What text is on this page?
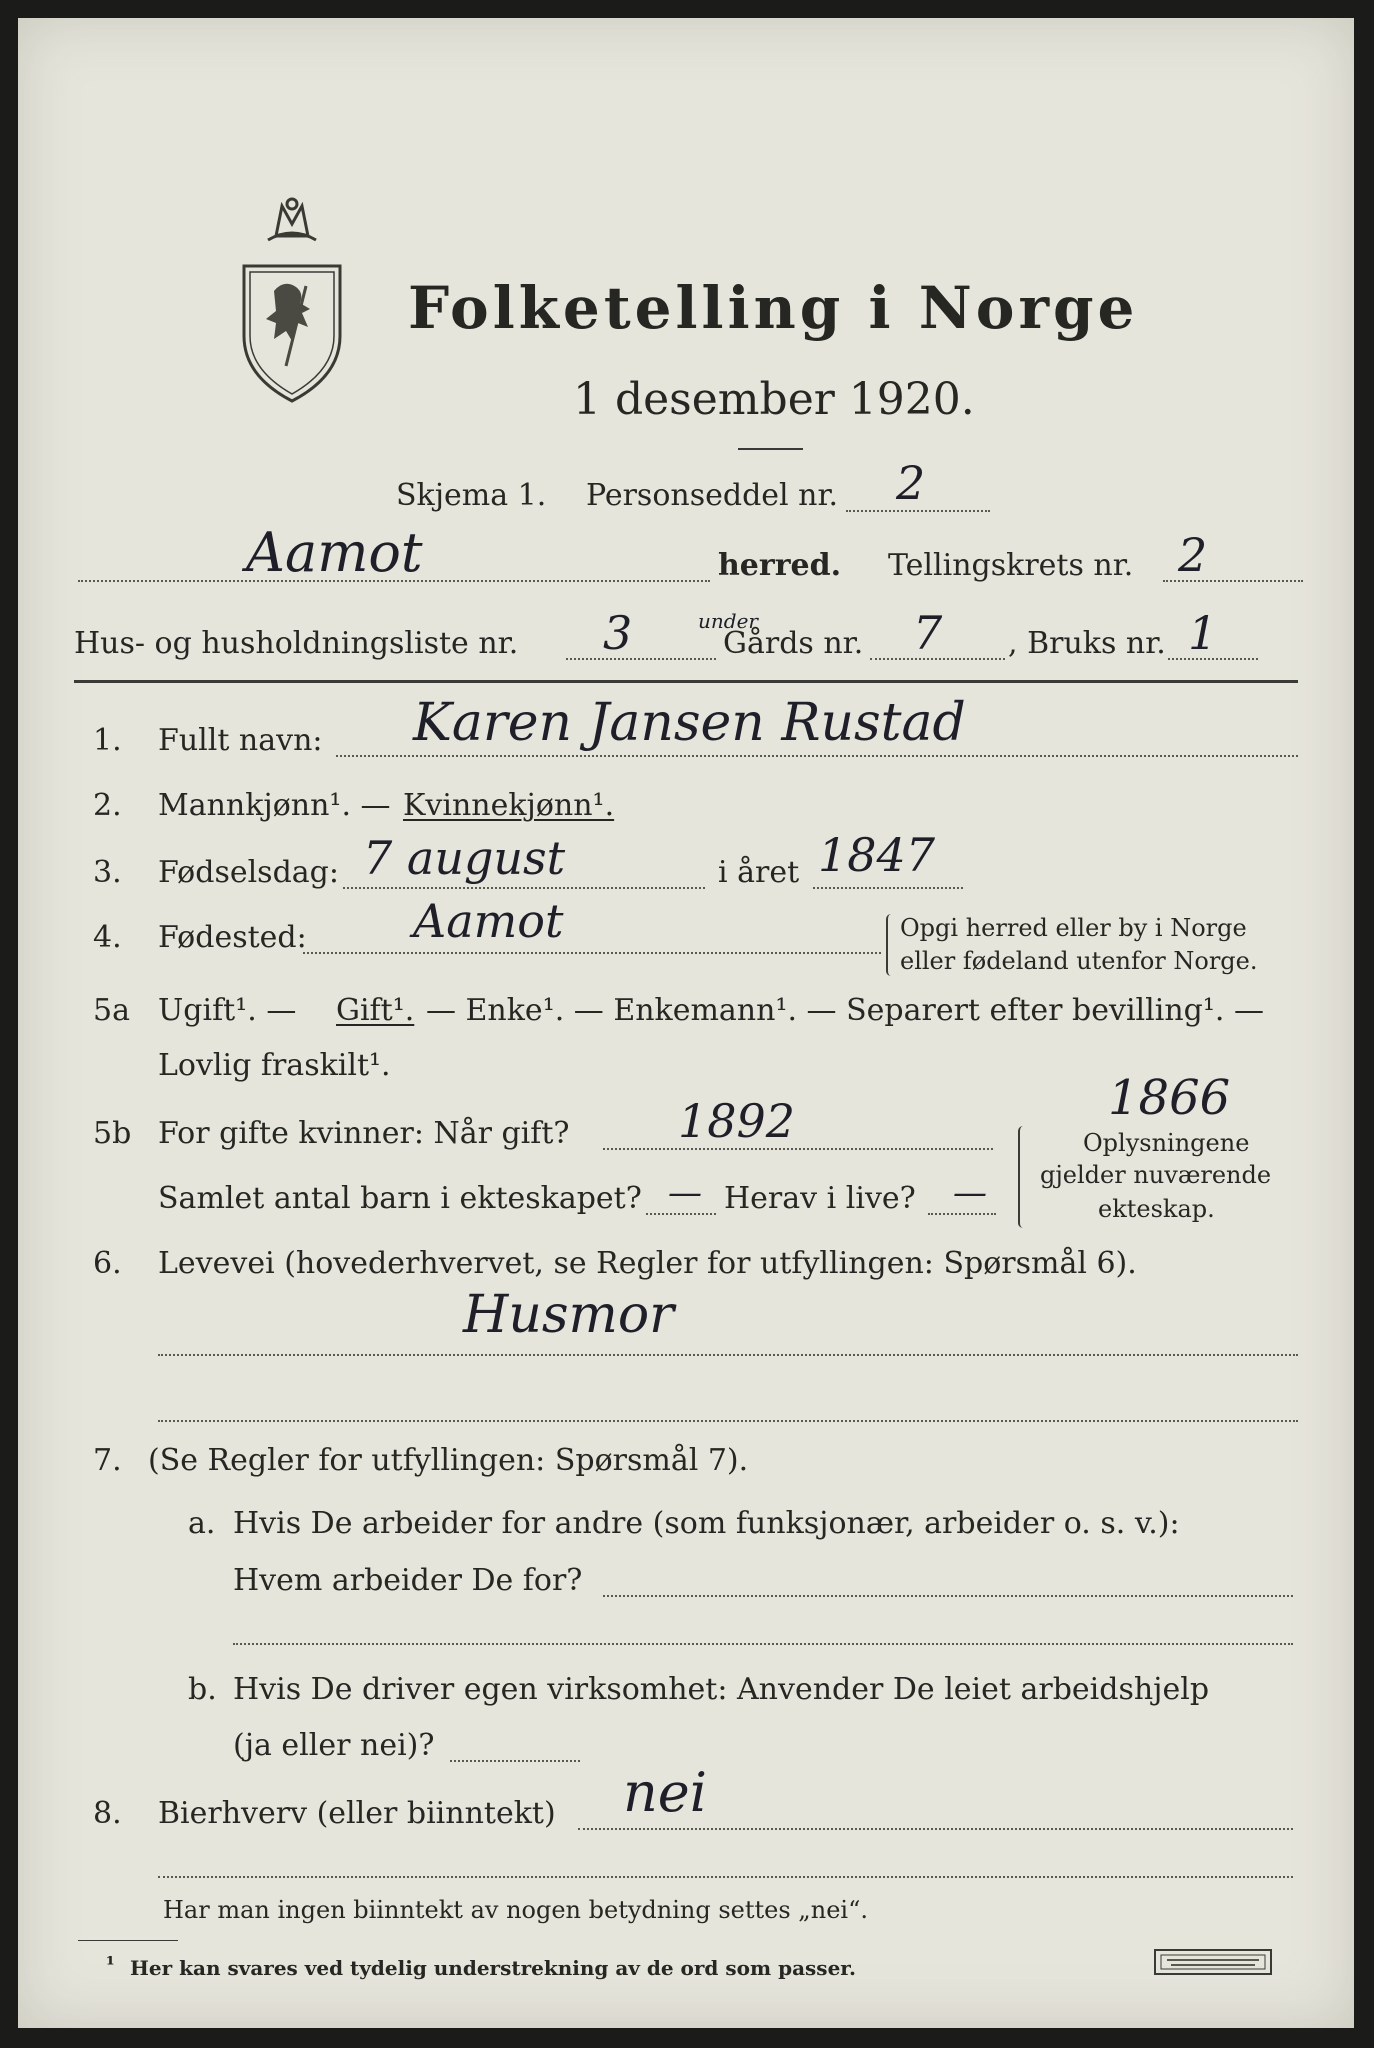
Folketelling i Norge
1 desember 1920.
Skjema 1. Personseddel nr. 2
Aamot	herred. Tellingskrets nr. 2
Hus- og husholdningsliste nr. 3	under
Gårds nr. 7 , Bruks nr. 1
1. Fullt navn: Karen Jansen Rustad
2. Mannkjønn¹. — Kvinnekjønn¹.
3. Fødselsdag: 7 august	i året 1847
4. Fødested: Aamot	Opgi herred eller by i Norge
eller fødeland utenfor Norge.
5a Ugift¹. — Gift¹. — Enke¹. — Enkemann¹. — Separert efter bevilling¹. —
Lovlig fraskilt¹.
5b For gifte kvinner: Når gift? 1892	1866
Samlet antal barn i ekteskapet? — Herav i live? —
Oplysningene
gjelder nuværende
ekteskap.
6. Levevei (hovederhvervet, se Regler for utfyllingen: Spørsmål 6).
Husmor
7. (Se Regler for utfyllingen: Spørsmål 7).
a. Hvis De arbeider for andre (som funksjonær, arbeider o. s. v.):
Hvem arbeider De for?
b. Hvis De driver egen virksomhet: Anvender De leiet arbeidshjelp
(ja eller nei)?
8. Bierhverv (eller biinntekt) nei
Har man ingen biinntekt av nogen betydning settes „nei“.
¹ Her kan svares ved tydelig understrekning av de ord som passer.
